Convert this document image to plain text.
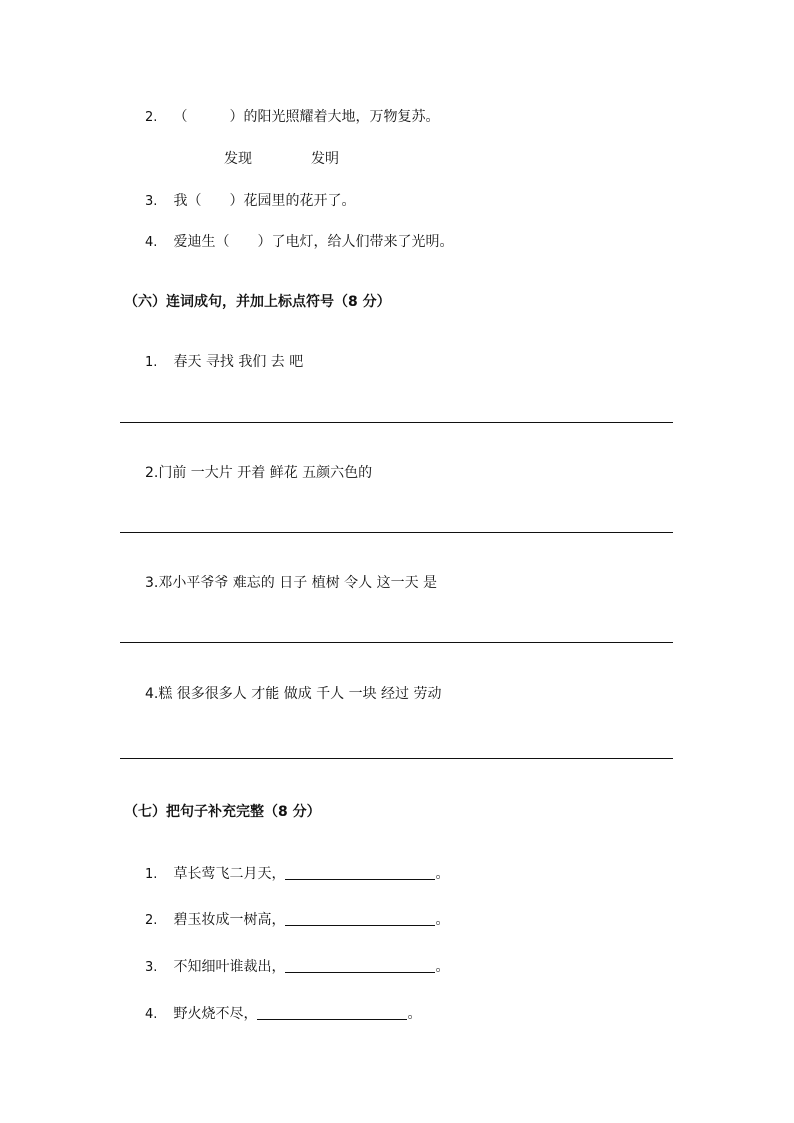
2. （　　　）的阳光照耀着大地，万物复苏。
发现	发明
3. 我（　　）花园里的花开了。
4. 爱迪生（　　）了电灯，给人们带来了光明。
（六）连词成句，并加上标点符号（8 分）
1. 春天 寻找 我们 去 吧
2.门前 一大片 开着 鲜花 五颜六色的
3.邓小平爷爷 难忘的 日子 植树 令人 这一天 是
4.糕 很多很多人 才能 做成 千人 一块 经过 劳动
（七）把句子补充完整（8 分）
1. 草长莺飞二月天，	。
2. 碧玉妆成一树高，	。
3. 不知细叶谁裁出，	。
4. 野火烧不尽，	。
